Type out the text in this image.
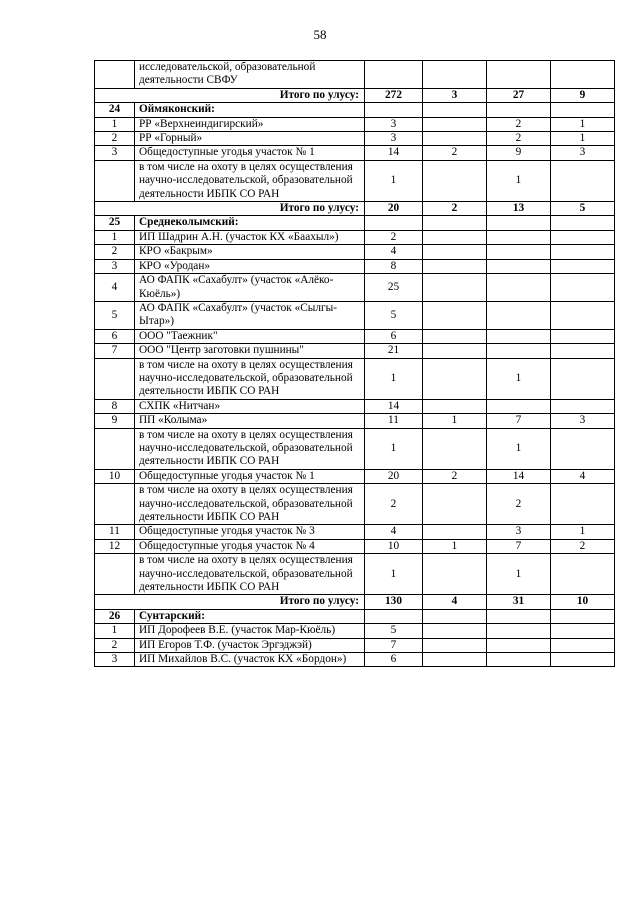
58
	исследовательской, образовательной деятельности СВФУ				
Итого по улусу:		272	3	27	9
24	Оймяконский:				
1	РР «Верхнеиндигирский»	3		2	1
2	РР «Горный»	3		2	1
3	Общедоступные угодья участок № 1	14	2	9	3
	в том числе на охоту в целях осуществления научно-исследовательской, образовательной деятельности ИБПК СО РАН	1		1	
Итого по улусу:		20	2	13	5
25	Среднеколымский:				
1	ИП Шадрин А.Н. (участок КХ «Баахыл»)	2			
2	КРО «Бакрым»	4			
3	КРО «Уродан»	8			
4	АО ФАПК «Сахабулт» (участок «Алёко-Кюёль»)	25			
5	АО ФАПК «Сахабулт» (участок «Сылгы-Ытар»)	5			
6	ООО "Таежник"	6			
7	ООО "Центр заготовки пушнины"	21			
	в том числе на охоту в целях осуществления научно-исследовательской, образовательной деятельности ИБПК СО РАН	1		1	
8	СХПК «Нитчан»	14			
9	ПП «Колыма»	11	1	7	3
	в том числе на охоту в целях осуществления научно-исследовательской, образовательной деятельности ИБПК СО РАН	1		1	
10	Общедоступные угодья участок № 1	20	2	14	4
	в том числе на охоту в целях осуществления научно-исследовательской, образовательной деятельности ИБПК СО РАН	2		2	
11	Общедоступные угодья участок № 3	4		3	1
12	Общедоступные угодья участок № 4	10	1	7	2
	в том числе на охоту в целях осуществления научно-исследовательской, образовательной деятельности ИБПК СО РАН	1		1	
Итого по улусу:		130	4	31	10
26	Сунтарский:				
1	ИП Дорофеев В.Е. (участок Мар-Кюёль)	5			
2	ИП Егоров Т.Ф. (участок Эргэджэй)	7			
3	ИП Михайлов В.С. (участок КХ «Бордон»)	6			
